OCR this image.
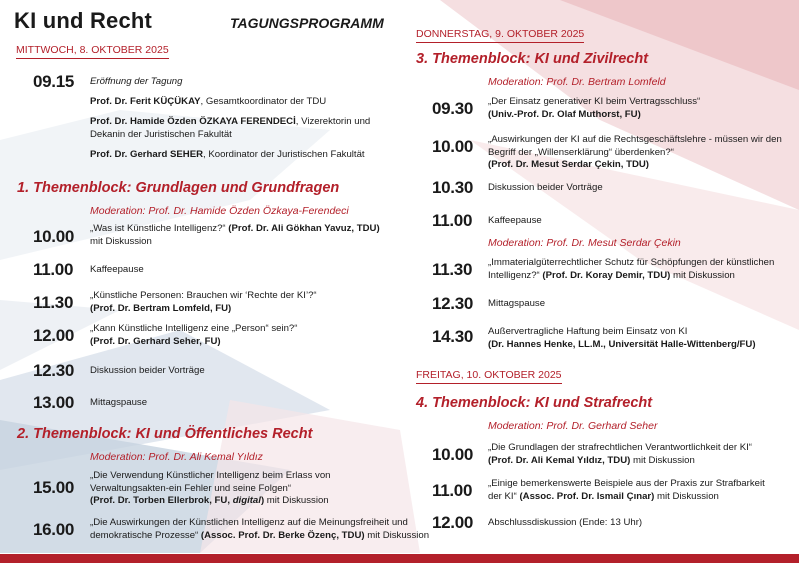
KI und Recht	TAGUNGSPROGRAMM
MITTWOCH, 8. OKTOBER 2025
09.15 Eröffnung der Tagung
Prof. Dr. Ferit KÜÇÜKAY, Gesamtkoordinator der TDU
Prof. Dr. Hamide Özden ÖZKAYA FERENDECİ, Vizerektorin und
Dekanin der Juristischen Fakultät
Prof. Dr. Gerhard SEHER, Koordinator der Juristischen Fakultät
1. Themenblock: Grundlagen und Grundfragen
Moderation: Prof. Dr. Hamide Özden Özkaya-Ferendeci
10.00 „Was ist Künstliche Intelligenz?“ (Prof. Dr. Ali Gökhan Yavuz, TDU)
mit Diskussion
11.00 Kaffeepause
11.30 „Künstliche Personen: Brauchen wir ‘Rechte der KI’?“
(Prof. Dr. Bertram Lomfeld, FU)
12.00 „Kann Künstliche Intelligenz eine „Person“ sein?“
(Prof. Dr. Gerhard Seher, FU)
12.30 Diskussion beider Vorträge
13.00 Mittagspause
2. Themenblock: KI und Öffentliches Recht
Moderation: Prof. Dr. Ali Kemal Yıldız
15.00
„Die Verwendung Künstlicher Intelligenz beim Erlass von
Verwaltungsakten-ein Fehler und seine Folgen“
(Prof. Dr. Torben Ellerbrok, FU, digital) mit Diskussion
16.00 „Die Auswirkungen der Künstlichen Intelligenz auf die Meinungsfreiheit und
demokratische Prozesse“ (Assoc. Prof. Dr. Berke Özenç, TDU) mit Diskussion
DONNERSTAG, 9. OKTOBER 2025
3. Themenblock: KI und Zivilrecht
Moderation: Prof. Dr. Bertram Lomfeld
09.30 „Der Einsatz generativer KI beim Vertragsschluss“
(Univ.-Prof. Dr. Olaf Muthorst, FU)
10.00 „Auswirkungen der KI auf die Rechtsgeschäftslehre - müssen wir den
Begriff der „Willenserklärung“ überdenken?“
(Prof. Dr. Mesut Serdar Çekin, TDU)
10.30 Diskussion beider Vorträge
11.00 Kaffeepause
Moderation: Prof. Dr. Mesut Serdar Çekin
11.30 „Immaterialgüterrechtlicher Schutz für Schöpfungen der künstlichen
Intelligenz?“ (Prof. Dr. Koray Demir, TDU) mit Diskussion
12.30 Mittagspause
14.30 Außervertragliche Haftung beim Einsatz von KI
(Dr. Hannes Henke, LL.M., Universität Halle-Wittenberg/FU)
FREITAG, 10. OKTOBER 2025
4. Themenblock: KI und Strafrecht
Moderation: Prof. Dr. Gerhard Seher
10.00 „Die Grundlagen der strafrechtlichen Verantwortlichkeit der KI“
(Prof. Dr. Ali Kemal Yıldız, TDU) mit Diskussion
11.00 „Einige bemerkenswerte Beispiele aus der Praxis zur Strafbarkeit
der KI“ (Assoc. Prof. Dr. Ismail Çınar) mit Diskussion
12.00 Abschlussdiskussion (Ende: 13 Uhr)
